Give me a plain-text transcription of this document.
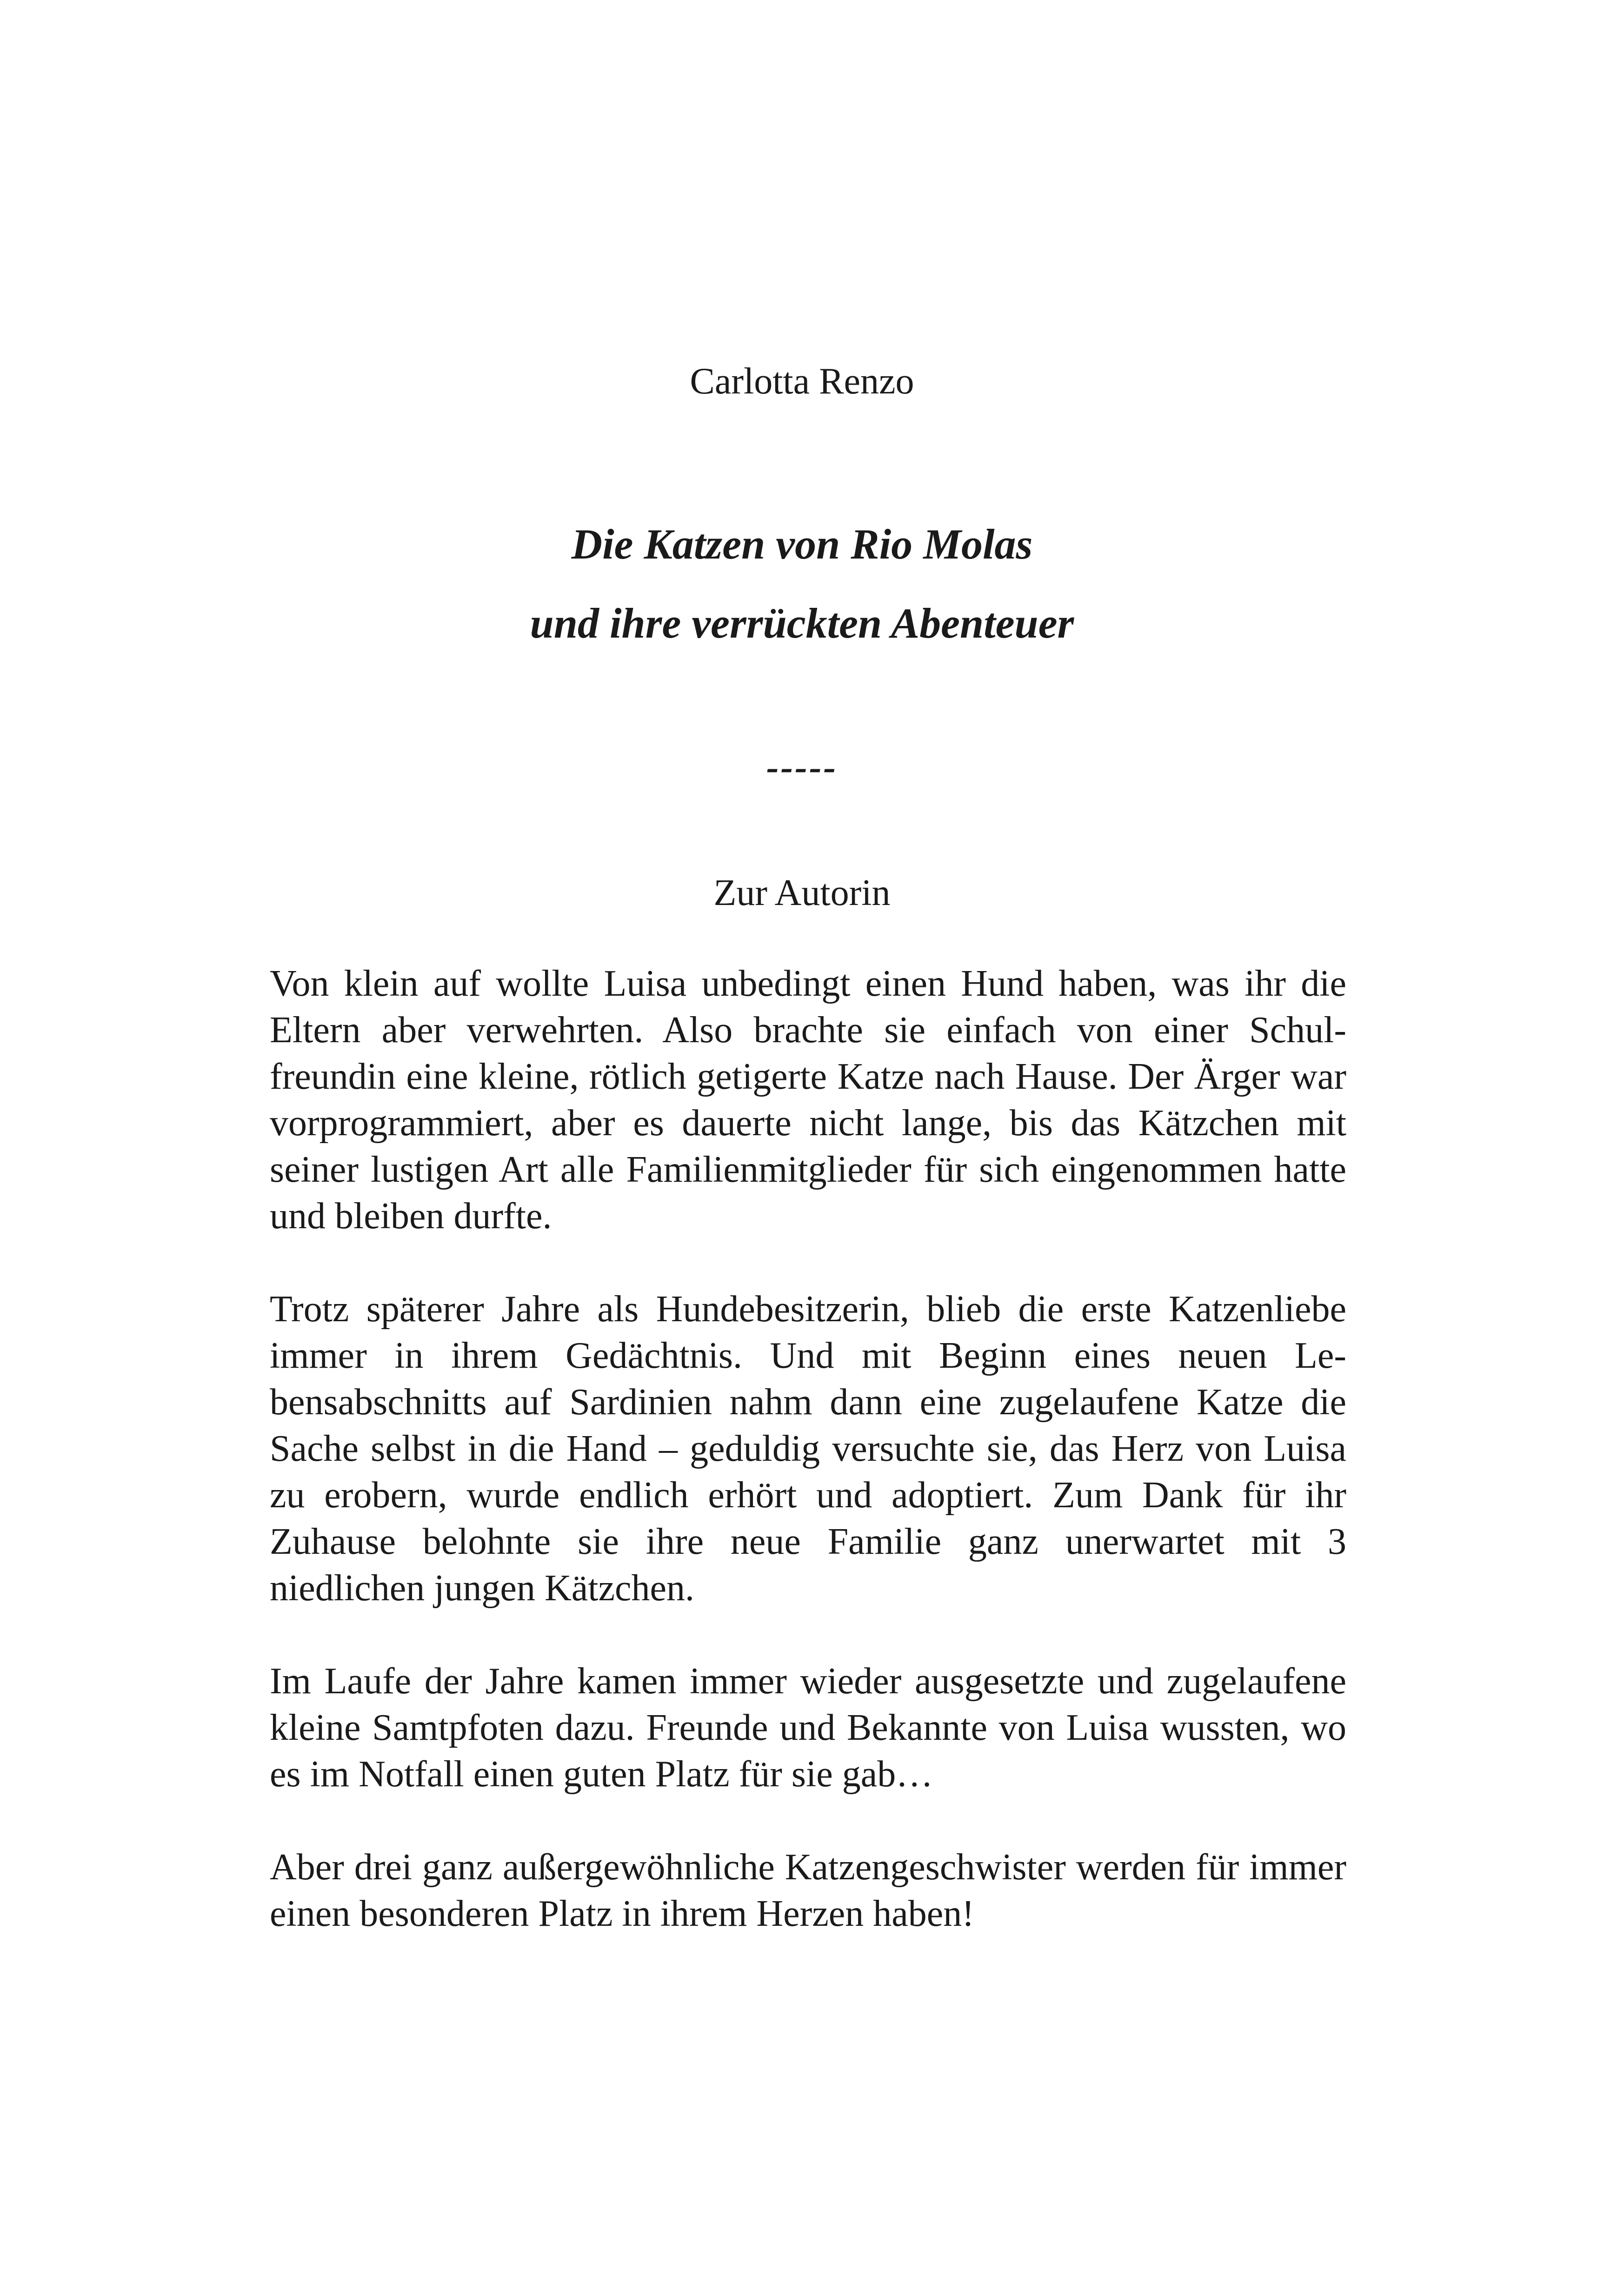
Carlotta Renzo
Die Katzen von Rio Molas
und ihre verrückten Abenteuer
-----
Zur Autorin

Von klein auf wollte Luisa unbedingt einen Hund haben, was ihr die Eltern aber verwehrten. Also brachte sie einfach von einer Schulfreundin eine kleine, rötlich getigerte Katze nach Hause. Der Ärger war vorprogrammiert, aber es dauerte nicht lange, bis das Kätzchen mit seiner lustigen Art alle Familienmitglieder für sich eingenommen hatte und bleiben durfte.

Trotz späterer Jahre als Hundebesitzerin, blieb die erste Katzenliebe immer in ihrem Gedächtnis. Und mit Beginn eines neuen Lebensabschnitts auf Sardinien nahm dann eine zugelaufene Katze die Sache selbst in die Hand – geduldig versuchte sie, das Herz von Luisa zu erobern, wurde endlich erhört und adoptiert. Zum Dank für ihr Zuhause belohnte sie ihre neue Familie ganz unerwartet mit 3 niedlichen jungen Kätzchen.

Im Laufe der Jahre kamen immer wieder ausgesetzte und zugelaufene kleine Samtpfoten dazu. Freunde und Bekannte von Luisa wussten, wo es im Notfall einen guten Platz für sie gab…

Aber drei ganz außergewöhnliche Katzengeschwister werden für immer einen besonderen Platz in ihrem Herzen haben!
